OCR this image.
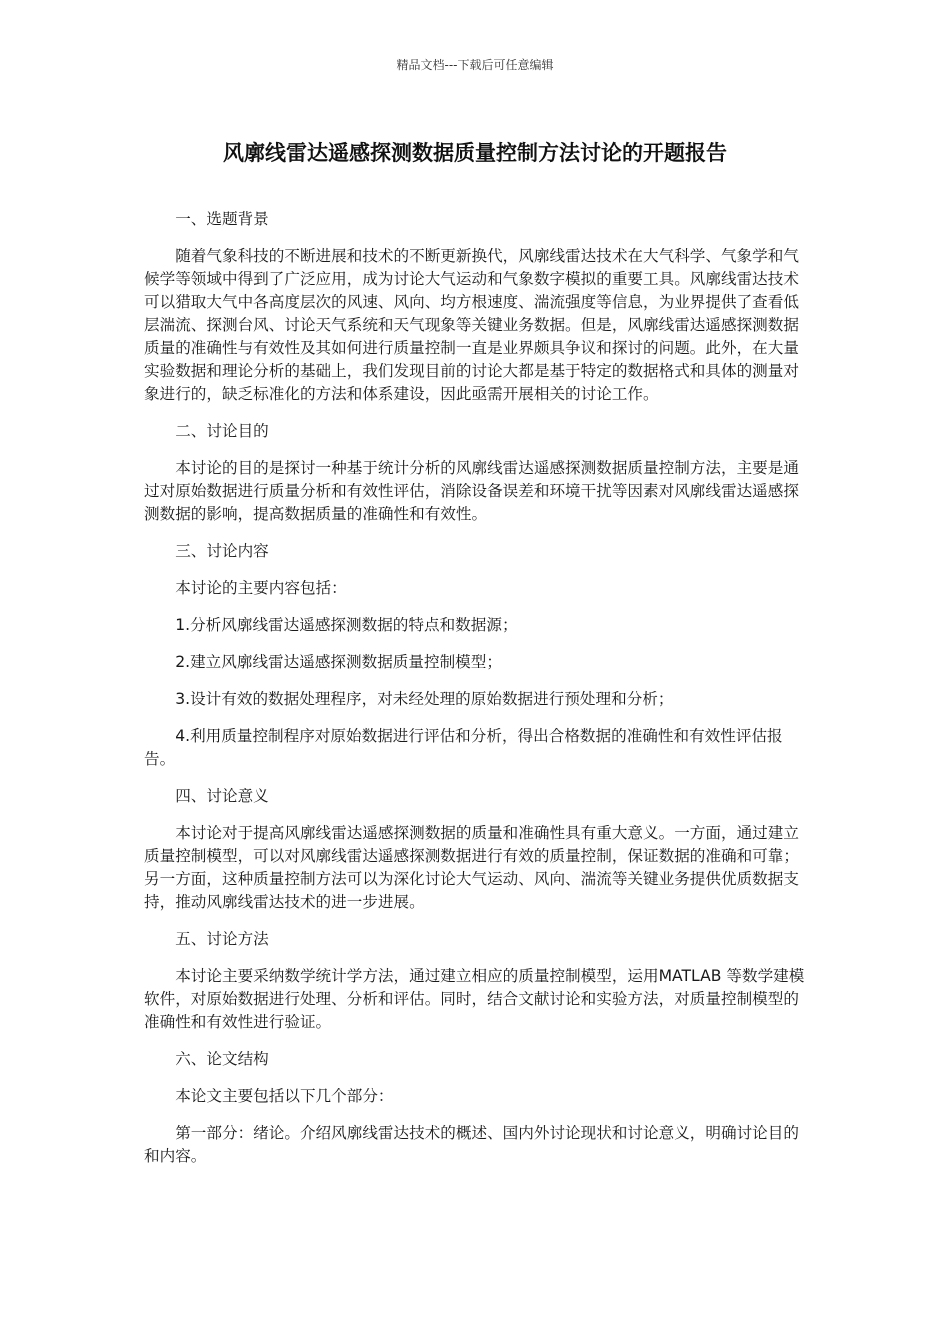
精品文档---下载后可任意编辑
风廓线雷达遥感探测数据质量控制方法讨论的开题报告

一、选题背景

随着气象科技的不断进展和技术的不断更新换代，风廓线雷达技术在大气科学、气象学和气候学等领域中得到了广泛应用，成为讨论大气运动和气象数字模拟的重要工具。风廓线雷达技术可以猎取大气中各高度层次的风速、风向、均方根速度、湍流强度等信息，为业界提供了查看低层湍流、探测台风、讨论天气系统和天气现象等关键业务数据。但是，风廓线雷达遥感探测数据质量的准确性与有效性及其如何进行质量控制一直是业界颇具争议和探讨的问题。此外，在大量实验数据和理论分析的基础上，我们发现目前的讨论大都是基于特定的数据格式和具体的测量对象进行的，缺乏标准化的方法和体系建设，因此亟需开展相关的讨论工作。

二、讨论目的

本讨论的目的是探讨一种基于统计分析的风廓线雷达遥感探测数据质量控制方法，主要是通过对原始数据进行质量分析和有效性评估，消除设备误差和环境干扰等因素对风廓线雷达遥感探测数据的影响，提高数据质量的准确性和有效性。

三、讨论内容

本讨论的主要内容包括：

1.分析风廓线雷达遥感探测数据的特点和数据源；

2.建立风廓线雷达遥感探测数据质量控制模型；

3.设计有效的数据处理程序，对未经处理的原始数据进行预处理和分析；

4.利用质量控制程序对原始数据进行评估和分析，得出合格数据的准确性和有效性评估报告。

四、讨论意义

本讨论对于提高风廓线雷达遥感探测数据的质量和准确性具有重大意义。一方面，通过建立质量控制模型，可以对风廓线雷达遥感探测数据进行有效的质量控制，保证数据的准确和可靠；另一方面，这种质量控制方法可以为深化讨论大气运动、风向、湍流等关键业务提供优质数据支持，推动风廓线雷达技术的进一步进展。

五、讨论方法

本讨论主要采纳数学统计学方法，通过建立相应的质量控制模型，运用MATLAB 等数学建模软件，对原始数据进行处理、分析和评估。同时，结合文献讨论和实验方法，对质量控制模型的准确性和有效性进行验证。

六、论文结构

本论文主要包括以下几个部分：

第一部分：绪论。介绍风廓线雷达技术的概述、国内外讨论现状和讨论意义，明确讨论目的和内容。
